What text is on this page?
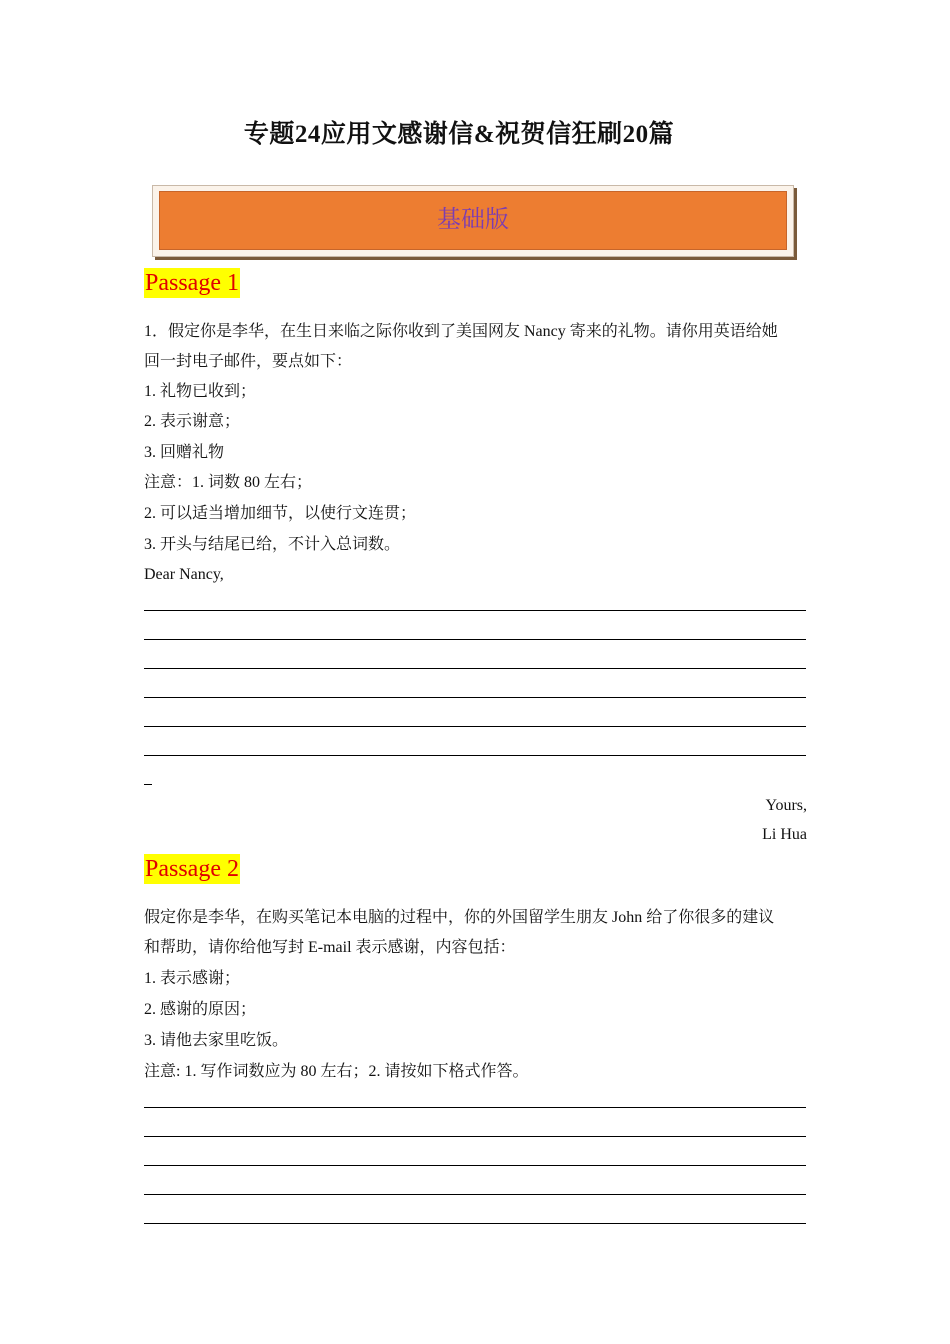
专题24应用文感谢信&祝贺信狂刷20篇
基础版
Passage 1
1．假定你是李华，在生日来临之际你收到了美国网友 Nancy 寄来的礼物。请你用英语给她
回一封电子邮件，要点如下：
1. 礼物已收到；
2. 表示谢意；
3. 回赠礼物
注意：1. 词数 80 左右；
2. 可以适当增加细节，以使行文连贯；
3. 开头与结尾已给，不计入总词数。
Dear Nancy,
Yours,
Li Hua
Passage 2
假定你是李华，在购买笔记本电脑的过程中，你的外国留学生朋友 John 给了你很多的建议
和帮助，请你给他写封 E-mail 表示感谢，内容包括：
1. 表示感谢；
2. 感谢的原因；
3. 请他去家里吃饭。
注意: 1. 写作词数应为 80 左右；2. 请按如下格式作答。
